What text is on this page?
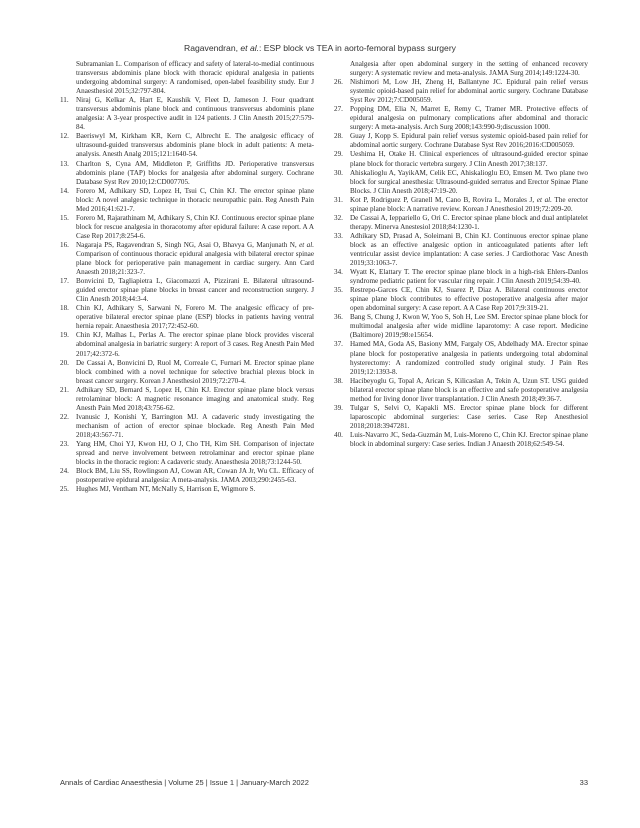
Ragavendran, et al.: ESP block vs TEA in aorto-femoral bypass surgery
Subramanian L. Comparison of efficacy and safety of lateral-to-medial continuous transversus abdominis plane block with thoracic epidural analgesia in patients undergoing abdominal surgery: A randomised, open-label feasibility study. Eur J Anaesthesiol 2015;32:797-804.
11.	Niraj G, Kelkar A, Hart E, Kaushik V, Fleet D, Jameson J. Four quadrant transversus abdominis plane block and continuous transversus abdominis plane analgesia: A 3-year prospective audit in 124 patients. J Clin Anesth 2015;27:579-84.
12. Baeriswyl M, Kirkham KR, Kern C, Albrecht E. The analgesic efficacy of ultrasound-guided transversus abdominis plane block in adult patients: A meta-analysis. Anesth Analg 2015;121:1640-54.
13. Charlton S, Cyna AM, Middleton P, Griffiths JD. Perioperative transversus abdominis plane (TAP) blocks for analgesia after abdominal surgery. Cochrane Database Syst Rev 2010;12:CD007705.
14. Forero M, Adhikary SD, Lopez H, Tsui C, Chin KJ. The erector spinae plane block: A novel analgesic technique in thoracic neuropathic pain. Reg Anesth Pain Med 2016;41:621-7.
15. Forero M, Rajarathinam M, Adhikary S, Chin KJ. Continuous erector spinae plane block for rescue analgesia in thoracotomy after epidural failure: A case report. A A Case Rep 2017;8:254-6.
16. Nagaraja PS, Ragavendran S, Singh NG, Asai O, Bhavya G, Manjunath N, et al. Comparison of continuous thoracic epidural analgesia with bilateral erector spinae plane block for perioperative pain management in cardiac surgery. Ann Card Anaesth 2018;21:323-7.
17. Bonvicini D, Tagliapietra L, Giacomazzi A, Pizzirani E. Bilateral ultrasound-guided erector spinae plane blocks in breast cancer and reconstruction surgery. J Clin Anesth 2018;44:3-4.
18. Chin KJ, Adhikary S, Sarwani N, Forero M. The analgesic efficacy of pre-operative bilateral erector spinae plane (ESP) blocks in patients having ventral hernia repair. Anaesthesia 2017;72:452-60.
19. Chin KJ, Malhas L, Perlas A. The erector spinae plane block provides visceral abdominal analgesia in bariatric surgery: A report of 3 cases. Reg Anesth Pain Med 2017;42:372-6.
20. De Cassai A, Bonvicini D, Ruol M, Correale C, Furnari M. Erector spinae plane block combined with a novel technique for selective brachial plexus block in breast cancer surgery. Korean J Anesthesiol 2019;72:270-4.
21. Adhikary SD, Bernard S, Lopez H, Chin KJ. Erector spinae plane block versus retrolaminar block: A magnetic resonance imaging and anatomical study. Reg Anesth Pain Med 2018;43:756-62.
22. Ivanusic J, Konishi Y, Barrington MJ. A cadaveric study investigating the mechanism of action of erector spinae blockade. Reg Anesth Pain Med 2018;43:567-71.
23. Yang HM, Choi YJ, Kwon HJ, O J, Cho TH, Kim SH. Comparison of injectate spread and nerve involvement between retrolaminar and erector spinae plane blocks in the thoracic region: A cadaveric study. Anaesthesia 2018;73:1244-50.
24. Block BM, Liu SS, Rowlingson AJ, Cowan AR, Cowan JA Jr, Wu CL. Efficacy of postoperative epidural analgesia: A meta-analysis. JAMA 2003;290:2455-63.
25. Hughes MJ, Ventham NT, McNally S, Harrison E, Wigmore S.
Analgesia after open abdominal surgery in the setting of enhanced recovery surgery: A systematic review and meta-analysis. JAMA Surg 2014;149:1224-30.
26. Nishimori M, Low JH, Zheng H, Ballantyne JC. Epidural pain relief versus systemic opioid-based pain relief for abdominal aortic surgery. Cochrane Database Syst Rev 2012;7:CD005059.
27. Popping DM, Elia N, Marret E, Remy C, Tramer MR. Protective effects of epidural analgesia on pulmonary complications after abdominal and thoracic surgery: A meta-analysis. Arch Surg 2008;143:990-9;discussion 1000.
28. Guay J, Kopp S. Epidural pain relief versus systemic opioid-based pain relief for abdominal aortic surgery. Cochrane Database Syst Rev 2016;2016:CD005059.
29. Ueshima H, Otake H. Clinical experiences of ultrasound-guided erector spinae plane block for thoracic vertebra surgery. J Clin Anesth 2017;38:137.
30. Ahiskalioglu A, YayikAM, Celik EC, Ahiskalioglu EO, Emsen M. Two plane two block for surgical anesthesia: Ultrasound-guided serratus and Erector Spinae Plane Blocks. J Clin Anesth 2018;47:19-20.
31. Kot P, Rodriguez P, Granell M, Cano B, Rovira L, Morales J, et al. The erector spinae plane block: A narrative review. Korean J Anesthesiol 2019;72:209-20.
32. De Cassai A, Ieppariello G, Ori C. Erector spinae plane block and dual antiplatelet therapy. Minerva Anestesiol 2018;84:1230-1.
33. Adhikary SD, Prasad A, Soleimani B, Chin KJ. Continuous erector spinae plane block as an effective analgesic option in anticoagulated patients after left ventricular assist device implantation: A case series. J Cardiothorac Vasc Anesth 2019;33:1063-7.
34. Wyatt K, Elattary T. The erector spinae plane block in a high-risk Ehlers-Danlos syndrome pediatric patient for vascular ring repair. J Clin Anesth 2019;54:39-40.
35. Restrepo-Garces CE, Chin KJ, Suarez P, Diaz A. Bilateral continuous erector spinae plane block contributes to effective postoperative analgesia after major open abdominal surgery: A case report. A A Case Rep 2017;9:319-21.
36. Bang S, Chung J, Kwon W, Yoo S, Soh H, Lee SM. Erector spinae plane block for multimodal analgesia after wide midline laparotomy: A case report. Medicine (Baltimore) 2019;98:e15654.
37. Hamed MA, Goda AS, Basiony MM, Fargaly OS, Abdelhady MA. Erector spinae plane block for postoperative analgesia in patients undergoing total abdominal hysterectomy: A randomized controlled study original study. J Pain Res 2019;12:1393-8.
38. Hacibeyoglu G, Topal A, Arican S, Kilicaslan A, Tekin A, Uzun ST. USG guided bilateral erector spinae plane block is an effective and safe postoperative analgesia method for living donor liver transplantation. J Clin Anesth 2018;49:36-7.
39. Tulgar S, Selvi O, Kapakli MS. Erector spinae plane block for different laparoscopic abdominal surgeries: Case series. Case Rep Anesthesiol 2018;2018:3947281.
40. Luis-Navarro JC, Seda-Guzmán M, Luis-Moreno C, Chin KJ. Erector spinae plane block in abdominal surgery: Case series. Indian J Anaesth 2018;62:549-54.
Annals of Cardiac Anaesthesia | Volume 25 | Issue 1 | January-March 2022	33
